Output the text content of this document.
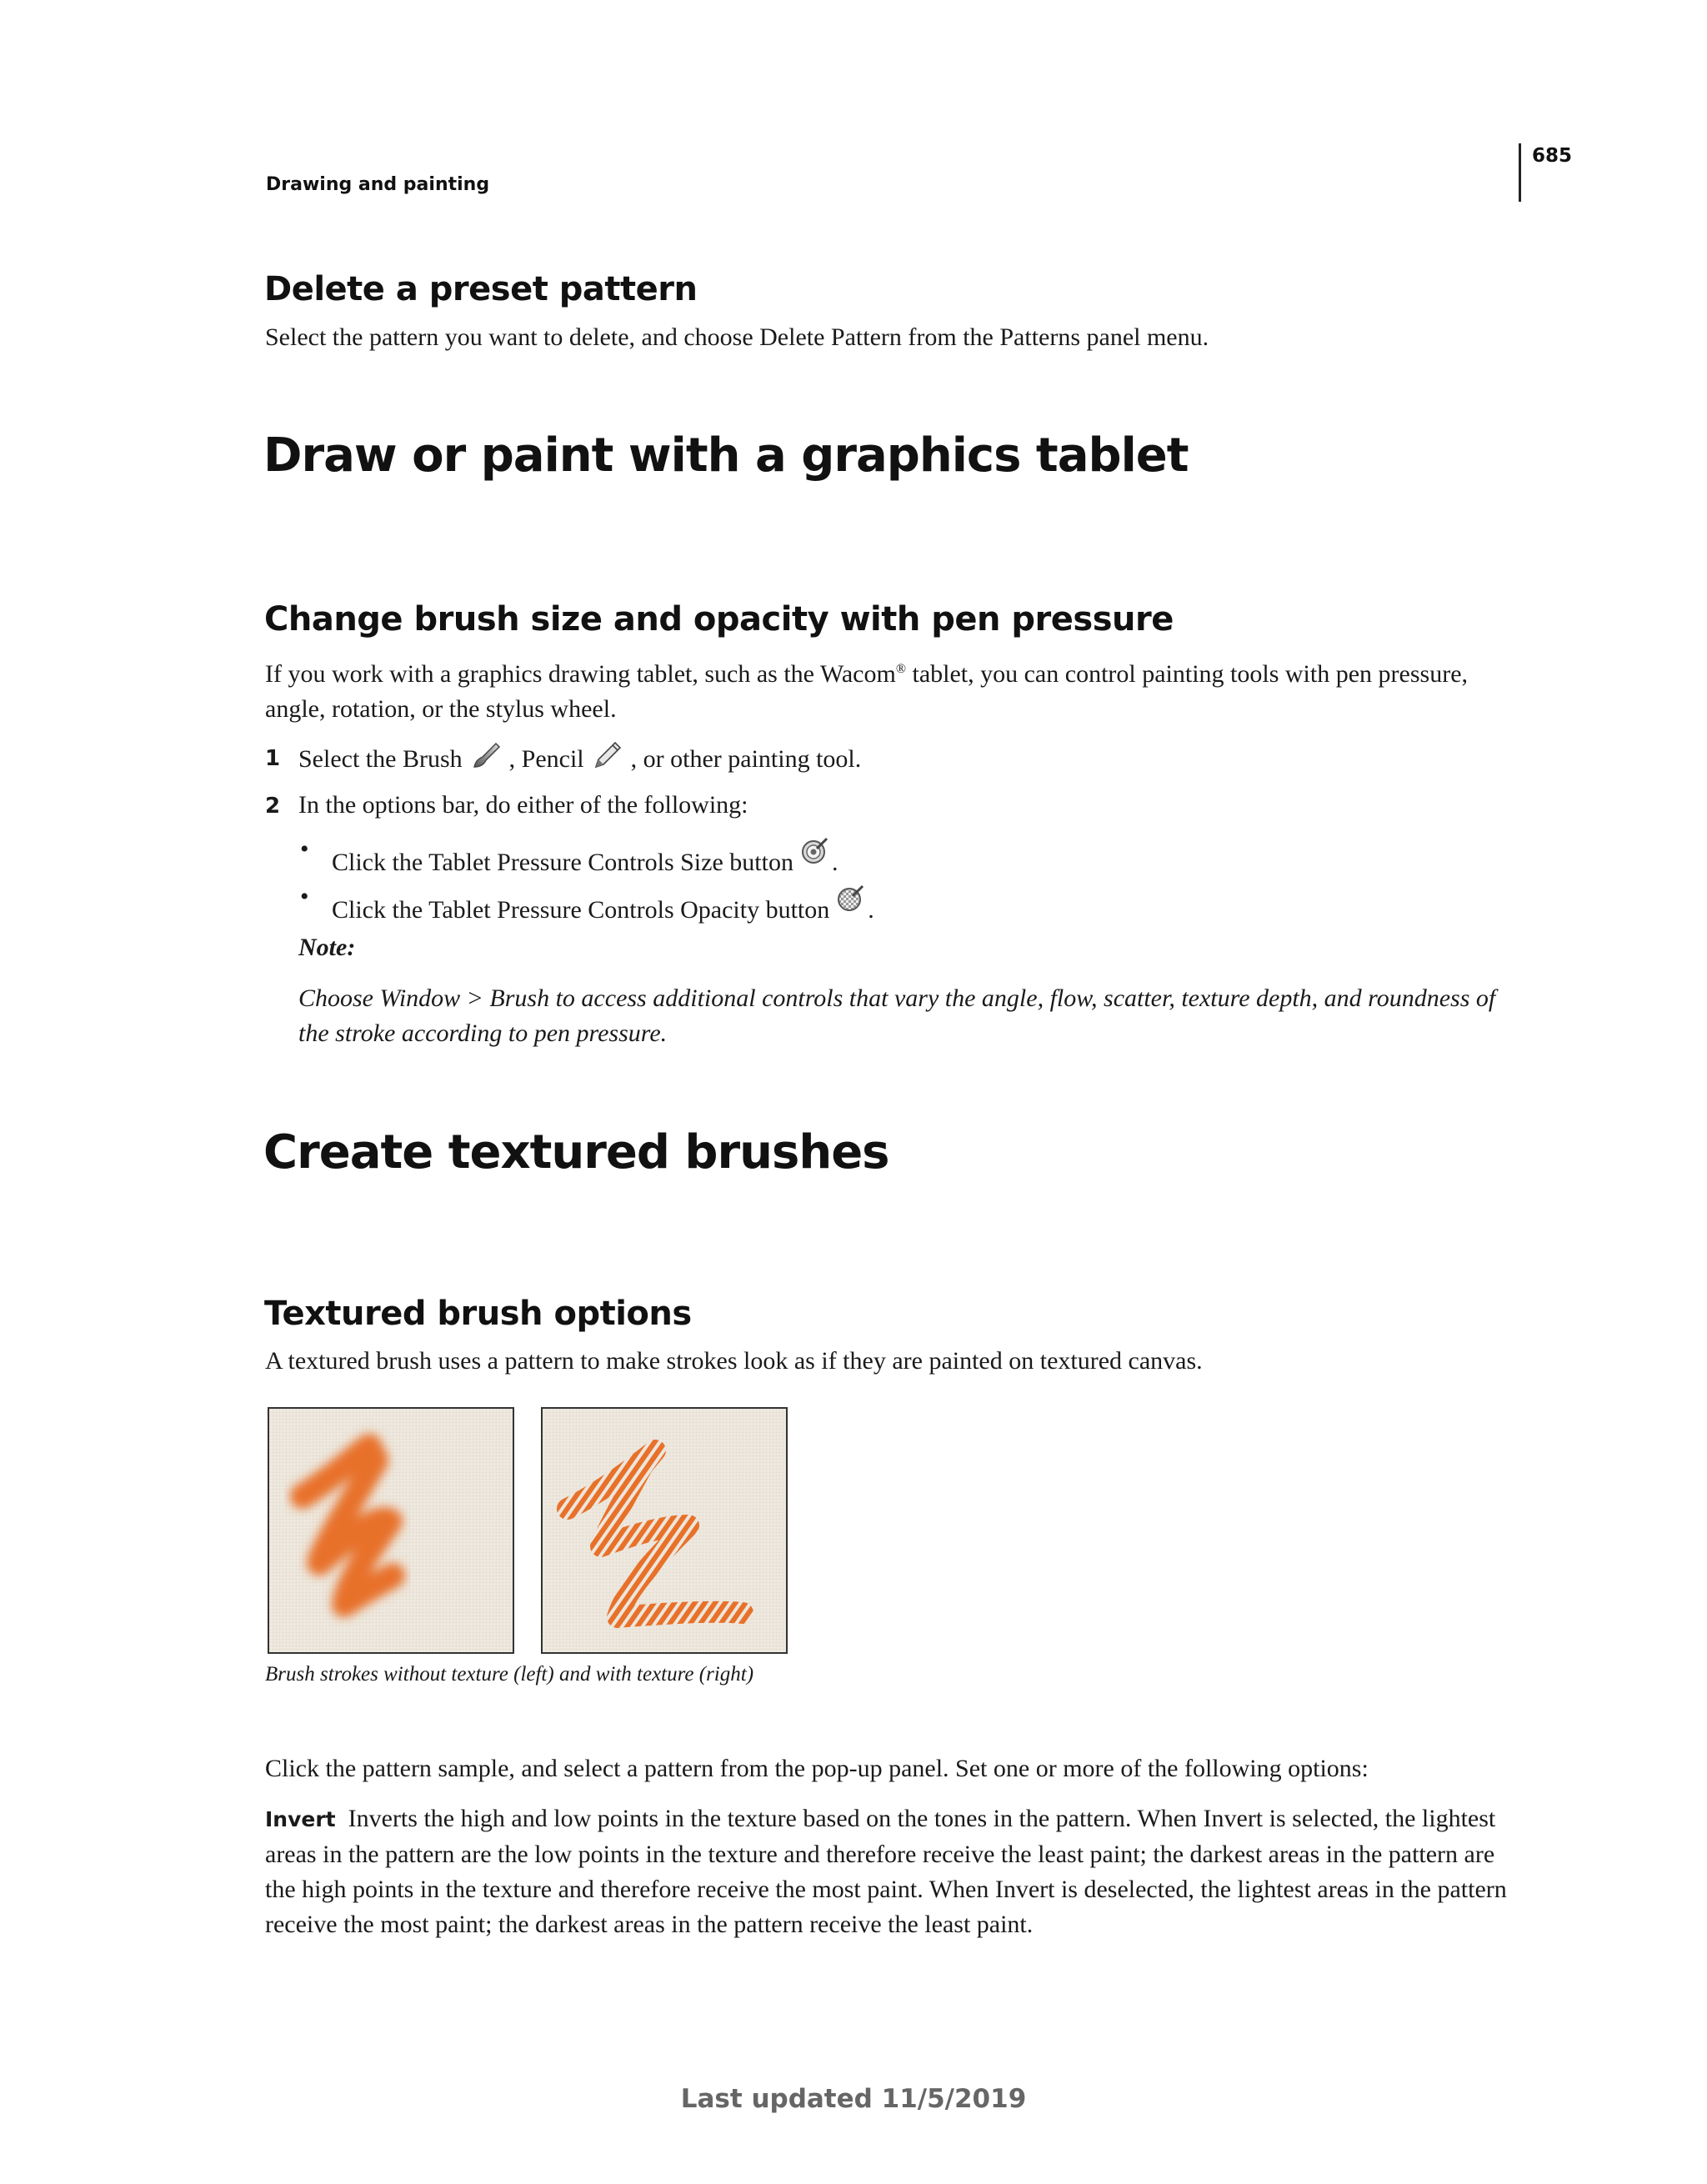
Drawing and painting
685
Delete a preset pattern
Select the pattern you want to delete, and choose Delete Pattern from the Patterns panel menu.
Draw or paint with a graphics tablet
Change brush size and opacity with pen pressure
If you work with a graphics drawing tablet, such as the Wacom® tablet, you can control painting tools with pen pressure, angle, rotation, or the stylus wheel.
1 Select the Brush , Pencil , or other painting tool.
2 In the options bar, do either of the following:
• Click the Tablet Pressure Controls Size button .
• Click the Tablet Pressure Controls Opacity button .
Note:
Choose Window > Brush to access additional controls that vary the angle, flow, scatter, texture depth, and roundness of the stroke according to pen pressure.
Create textured brushes
Textured brush options
A textured brush uses a pattern to make strokes look as if they are painted on textured canvas.
Brush strokes without texture (left) and with texture (right)
Click the pattern sample, and select a pattern from the pop-up panel. Set one or more of the following options:
Invert Inverts the high and low points in the texture based on the tones in the pattern. When Invert is selected, the lightest areas in the pattern are the low points in the texture and therefore receive the least paint; the darkest areas in the pattern are the high points in the texture and therefore receive the most paint. When Invert is deselected, the lightest areas in the pattern receive the most paint; the darkest areas in the pattern receive the least paint.
Last updated 11/5/2019
